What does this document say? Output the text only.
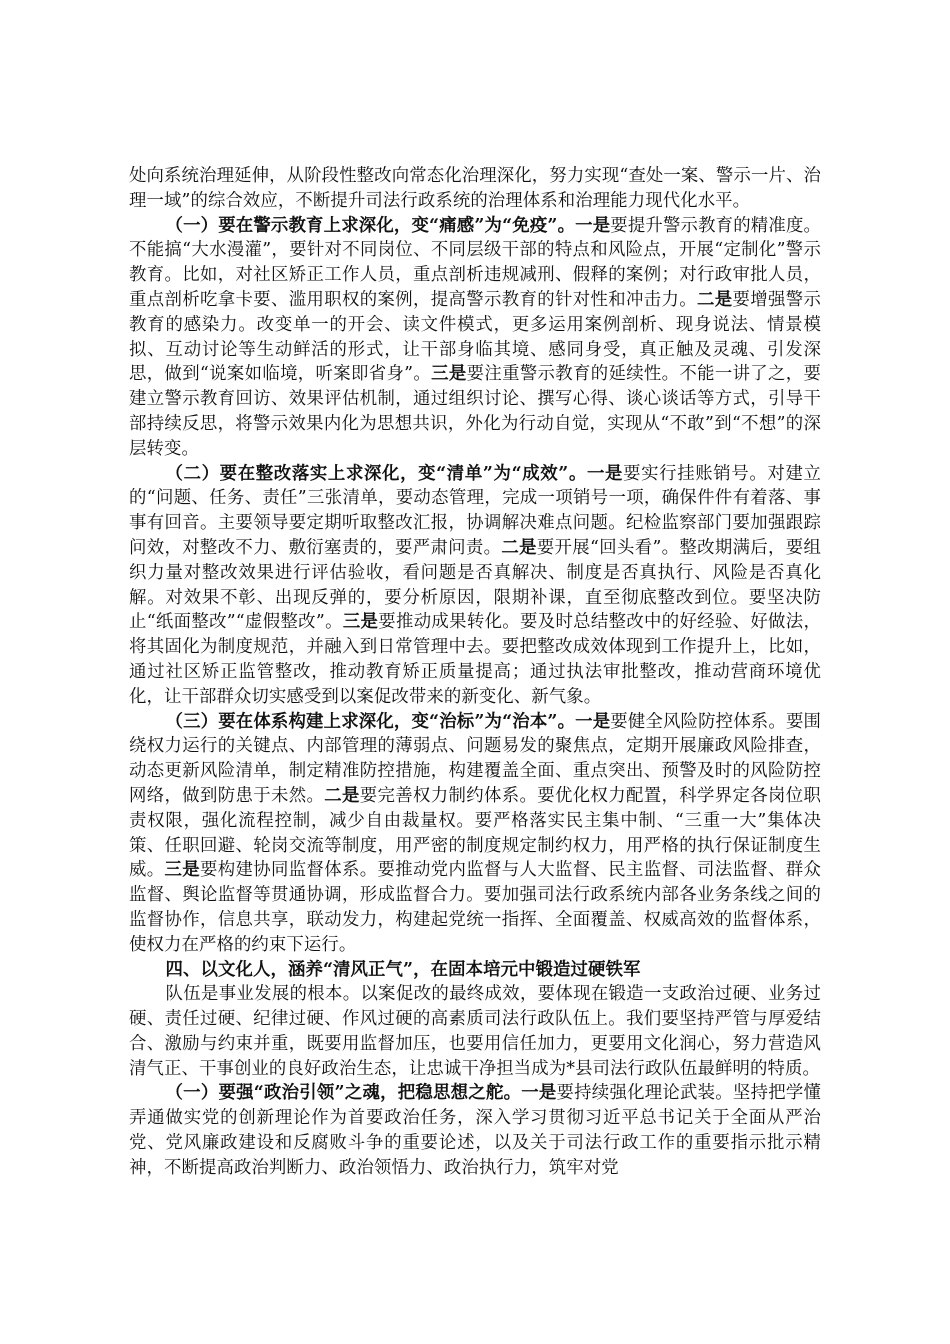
处向系统治理延伸，从阶段性整改向常态化治理深化，努力实现“查处一案、警示一片、治理一域”的综合效应，不断提升司法行政系统的治理体系和治理能力现代化水平。

（一）要在警示教育上求深化，变“痛感”为“免疫”。一是要提升警示教育的精准度。不能搞“大水漫灌”，要针对不同岗位、不同层级干部的特点和风险点，开展“定制化”警示教育。比如，对社区矫正工作人员，重点剖析违规减刑、假释的案例；对行政审批人员，重点剖析吃拿卡要、滥用职权的案例，提高警示教育的针对性和冲击力。二是要增强警示教育的感染力。改变单一的开会、读文件模式，更多运用案例剖析、现身说法、情景模拟、互动讨论等生动鲜活的形式，让干部身临其境、感同身受，真正触及灵魂、引发深思，做到“说案如临境，听案即省身”。三是要注重警示教育的延续性。不能一讲了之，要建立警示教育回访、效果评估机制，通过组织讨论、撰写心得、谈心谈话等方式，引导干部持续反思，将警示效果内化为思想共识，外化为行动自觉，实现从“不敢”到“不想”的深层转变。

（二）要在整改落实上求深化，变“清单”为“成效”。一是要实行挂账销号。对建立的“问题、任务、责任”三张清单，要动态管理，完成一项销号一项，确保件件有着落、事事有回音。主要领导要定期听取整改汇报，协调解决难点问题。纪检监察部门要加强跟踪问效，对整改不力、敷衍塞责的，要严肃问责。二是要开展“回头看”。整改期满后，要组织力量对整改效果进行评估验收，看问题是否真解决、制度是否真执行、风险是否真化解。对效果不彰、出现反弹的，要分析原因，限期补课，直至彻底整改到位。要坚决防止“纸面整改”“虚假整改”。三是要推动成果转化。要及时总结整改中的好经验、好做法，将其固化为制度规范，并融入到日常管理中去。要把整改成效体现到工作提升上，比如，通过社区矫正监管整改，推动教育矫正质量提高；通过执法审批整改，推动营商环境优化，让干部群众切实感受到以案促改带来的新变化、新气象。

（三）要在体系构建上求深化，变“治标”为“治本”。一是要健全风险防控体系。要围绕权力运行的关键点、内部管理的薄弱点、问题易发的聚焦点，定期开展廉政风险排查，动态更新风险清单，制定精准防控措施，构建覆盖全面、重点突出、预警及时的风险防控网络，做到防患于未然。二是要完善权力制约体系。要优化权力配置，科学界定各岗位职责权限，强化流程控制，减少自由裁量权。要严格落实民主集中制、“三重一大”集体决策、任职回避、轮岗交流等制度，用严密的制度规定制约权力，用严格的执行保证制度生威。三是要构建协同监督体系。要推动党内监督与人大监督、民主监督、司法监督、群众监督、舆论监督等贯通协调，形成监督合力。要加强司法行政系统内部各业务条线之间的监督协作，信息共享，联动发力，构建起党统一指挥、全面覆盖、权威高效的监督体系，使权力在严格的约束下运行。

四、以文化人，涵养“清风正气”，在固本培元中锻造过硬铁军

队伍是事业发展的根本。以案促改的最终成效，要体现在锻造一支政治过硬、业务过硬、责任过硬、纪律过硬、作风过硬的高素质司法行政队伍上。我们要坚持严管与厚爱结合、激励与约束并重，既要用监督加压，也要用信任加力，更要用文化润心，努力营造风清气正、干事创业的良好政治生态，让忠诚干净担当成为*县司法行政队伍最鲜明的特质。

（一）要强“政治引领”之魂，把稳思想之舵。一是要持续强化理论武装。坚持把学懂弄通做实党的创新理论作为首要政治任务，深入学习贯彻习近平总书记关于全面从严治党、党风廉政建设和反腐败斗争的重要论述，以及关于司法行政工作的重要指示批示精神，不断提高政治判断力、政治领悟力、政治执行力，筑牢对党
